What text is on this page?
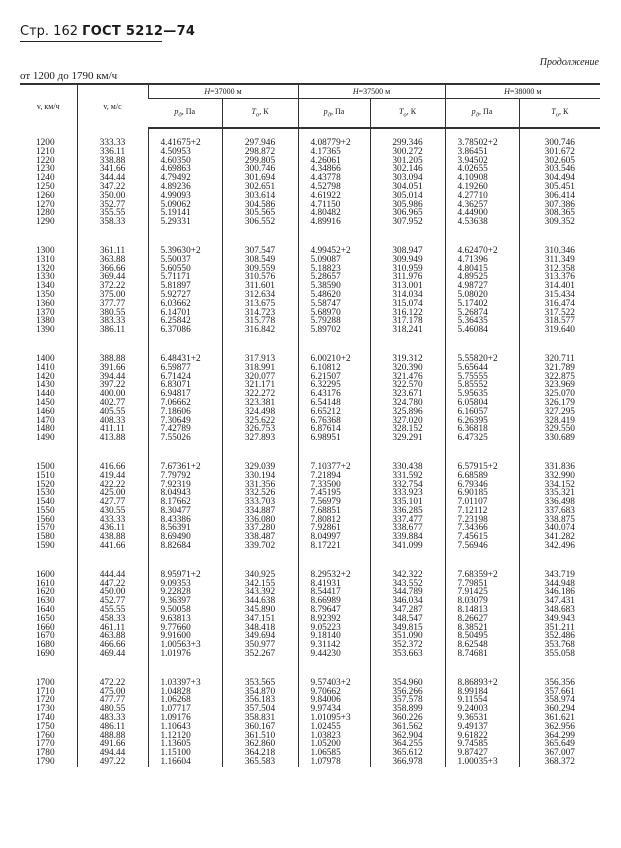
Стр. 162 ГОСТ 5212—74
Продолжение
от 1200 до 1790 км/ч
v, км/ч	v, м/с	H=37000 м		H=37500 м		H=38000 м	
		$p_д$, Па	$T_о$, К	$p_д$, Па	$T_о$, К	$p_д$, Па	$T_о$, К

1200	333.33	4.41675+2	297.946	4.08779+2	299.346	3.78502+2	300.746
1210	336.11	4.50953	298.872	4.17365	300.272	3.86451	301.672
1220	338.88	4.60350	299.805	4.26061	301.205	3.94502	302.605
1230	341.66	4.69863	300.746	4.34866	302.146	4.02655	303.546
1240	344.44	4.79492	301.694	4.43778	303.094	4.10908	304.494
1250	347.22	4.89236	302.651	4.52798	304.051	4.19260	305.451
1260	350.00	4.99093	303.614	4.61922	305.014	4.27710	306.414
1270	352.77	5.09062	304.586	4.71150	305.986	4.36257	307.386
1280	355.55	5.19141	305.565	4.80482	306.965	4.44900	308.365
1290	358.33	5.29331	306.552	4.89916	307.952	4.53638	309.352

1300	361.11	5.39630+2	307.547	4.99452+2	308.947	4.62470+2	310.346
1310	363.88	5.50037	308.549	5.09087	309.949	4.71396	311.349
1320	366.66	5.60550	309.559	5.18823	310.959	4.80415	312.358
1330	369.44	5.71171	310.576	5.28657	311.976	4.89525	313.376
1340	372.22	5.81897	311.601	5.38590	313.001	4.98727	314.401
1350	375.00	5.92727	312.634	5.48620	314.034	5.08020	315.434
1360	377.77	6.03662	313.675	5.58747	315.074	5.17402	316.474
1370	380.55	6.14701	314.723	5.68970	316.122	5.26874	317.522
1380	383.33	6.25842	315.778	5.79288	317.178	5.36435	318.577
1390	386.11	6.37086	316.842	5.89702	318.241	5.46084	319.640

1400	388.88	6.48431+2	317.913	6.00210+2	319.312	5.55820+2	320.711
1410	391.66	6.59877	318.991	6.10812	320.390	5.65644	321.789
1420	394.44	6.71424	320.077	6.21507	321.476	5.75555	322.875
1430	397.22	6.83071	321.171	6.32295	322.570	5.85552	323.969
1440	400.00	6.94817	322.272	6.43176	323.671	5.95635	325.070
1450	402.77	7.06662	323.381	6.54148	324.780	6.05804	326.179
1460	405.55	7.18606	324.498	6.65212	325.896	6.16057	327.295
1470	408.33	7.30649	325.622	6.76368	327.020	6.26395	328.419
1480	411.11	7.42789	326.753	6.87614	328.152	6.36818	329.550
1490	413.88	7.55026	327.893	6.98951	329.291	6.47325	330.689

1500	416.66	7.67361+2	329.039	7.10377+2	330.438	6.57915+2	331.836
1510	419.44	7.79792	330.194	7.21894	331.592	6.68589	332.990
1520	422.22	7.92319	331.356	7.33500	332.754	6.79346	334.152
1530	425.00	8.04943	332.526	7.45195	333.923	6.90185	335.321
1540	427.77	8.17662	333.703	7.56979	335.101	7.01107	336.498
1550	430.55	8.30477	334.887	7.68851	336.285	7.12112	337.683
1560	433.33	8.43386	336.080	7.80812	337.477	7.23198	338.875
1570	436.11	8.56391	337.280	7.92861	338.677	7.34366	340.074
1580	438.88	8.69490	338.487	8.04997	339.884	7.45615	341.282
1590	441.66	8.82684	339.702	8.17221	341.099	7.56946	342.496

1600	444.44	8.95971+2	340.925	8.29532+2	342.322	7.68359+2	343.719
1610	447.22	9.09353	342.155	8.41931	343.552	7.79851	344.948
1620	450.00	9.22828	343.392	8.54417	344.789	7.91425	346.186
1630	452.77	9.36397	344.638	8.66989	346.034	8.03079	347.431
1640	455.55	9.50058	345.890	8.79647	347.287	8.14813	348.683
1650	458.33	9.63813	347.151	8.92392	348.547	8.26627	349.943
1660	461.11	9.77660	348.418	9.05223	349.815	8.38521	351.211
1670	463.88	9.91600	349.694	9.18140	351.090	8.50495	352.486
1680	466.66	1.00563+3	350.977	9.31142	352.372	8.62548	353.768
1690	469.44	1.01976	352.267	9.44230	353.663	8.74681	355.058

1700	472.22	1.03397+3	353.565	9.57403+2	354.960	8.86893+2	356.356
1710	475.00	1.04828	354.870	9.70662	356.266	8.99184	357.661
1720	477.77	1.06268	356.183	9.84006	357.578	9.11554	358.974
1730	480.55	1.07717	357.504	9.97434	358.899	9.24003	360.294
1740	483.33	1.09176	358.831	1.01095+3	360.226	9.36531	361.621
1750	486.11	1.10643	360.167	1.02455	361.562	9.49137	362.956
1760	488.88	1.12120	361.510	1.03823	362.904	9.61822	364.299
1770	491.66	1.13605	362.860	1.05200	364.255	9.74585	365.649
1780	494.44	1.15100	364.218	1.06585	365.612	9.87427	367.007
1790	497.22	1.16604	365.583	1.07978	366.978	1.00035+3	368.372
